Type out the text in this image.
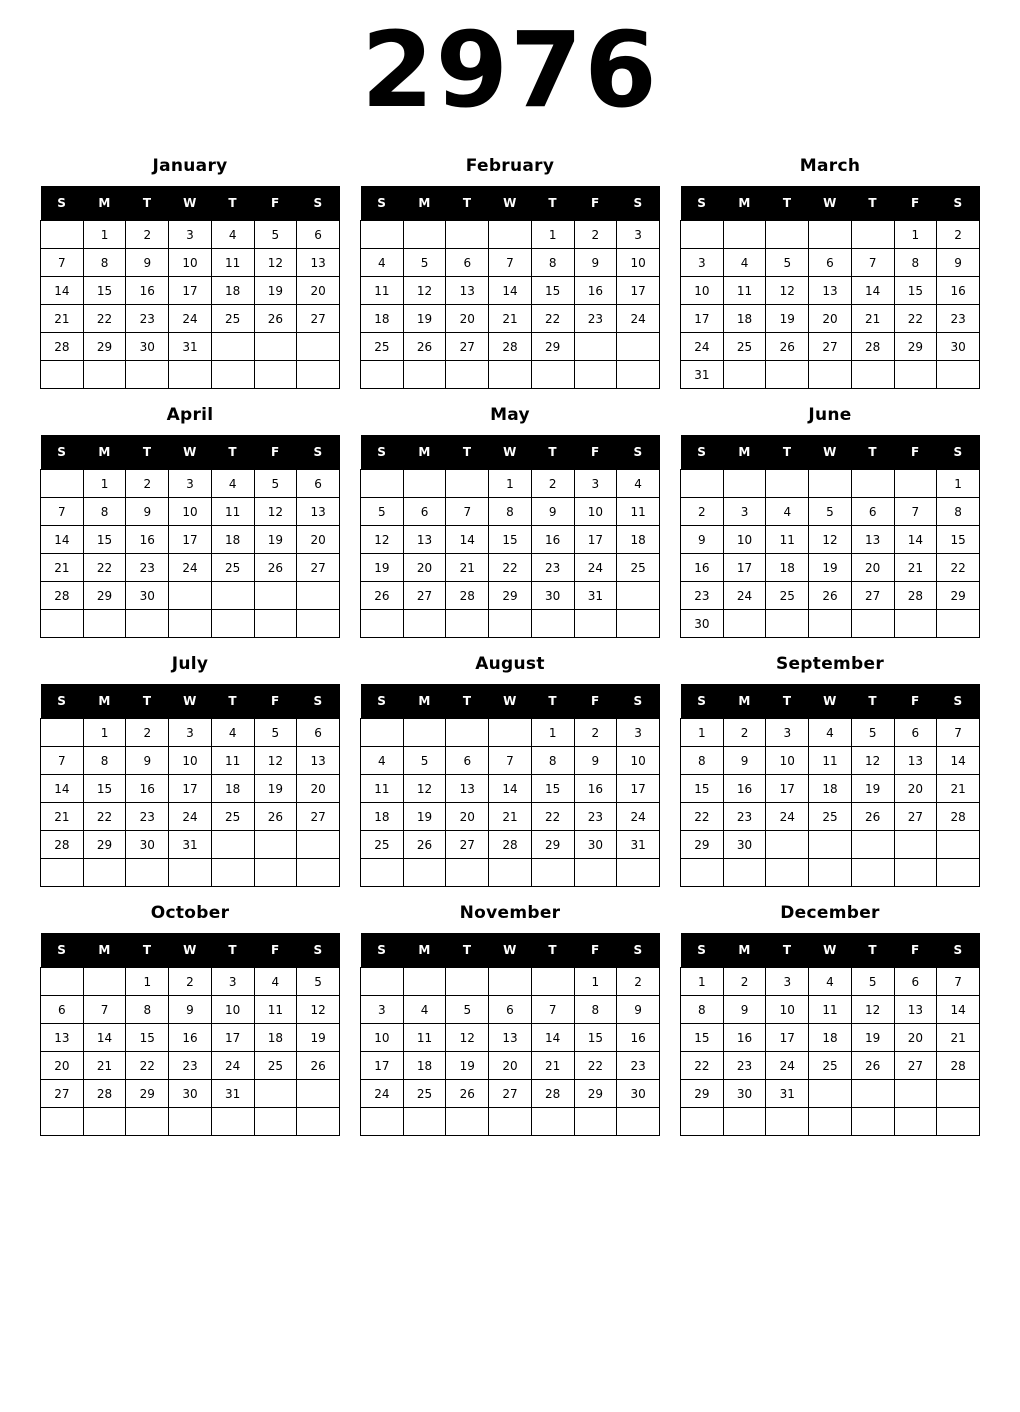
2976
January
S	M	T	W	T	F	S
	1	2	3	4	5	6
7	8	9	10	11	12	13
14	15	16	17	18	19	20
21	22	23	24	25	26	27
28	29	30	31			

February
S	M	T	W	T	F	S
				1	2	3
4	5	6	7	8	9	10
11	12	13	14	15	16	17
18	19	20	21	22	23	24
25	26	27	28	29		

March
S	M	T	W	T	F	S
					1	2
3	4	5	6	7	8	9
10	11	12	13	14	15	16
17	18	19	20	21	22	23
24	25	26	27	28	29	30
31						
April
S	M	T	W	T	F	S
	1	2	3	4	5	6
7	8	9	10	11	12	13
14	15	16	17	18	19	20
21	22	23	24	25	26	27
28	29	30				

May
S	M	T	W	T	F	S
			1	2	3	4
5	6	7	8	9	10	11
12	13	14	15	16	17	18
19	20	21	22	23	24	25
26	27	28	29	30	31	

June
S	M	T	W	T	F	S
						1
2	3	4	5	6	7	8
9	10	11	12	13	14	15
16	17	18	19	20	21	22
23	24	25	26	27	28	29
30						
July
S	M	T	W	T	F	S
	1	2	3	4	5	6
7	8	9	10	11	12	13
14	15	16	17	18	19	20
21	22	23	24	25	26	27
28	29	30	31			

August
S	M	T	W	T	F	S
				1	2	3
4	5	6	7	8	9	10
11	12	13	14	15	16	17
18	19	20	21	22	23	24
25	26	27	28	29	30	31

September
S	M	T	W	T	F	S
1	2	3	4	5	6	7
8	9	10	11	12	13	14
15	16	17	18	19	20	21
22	23	24	25	26	27	28
29	30					

October
S	M	T	W	T	F	S
		1	2	3	4	5
6	7	8	9	10	11	12
13	14	15	16	17	18	19
20	21	22	23	24	25	26
27	28	29	30	31		

November
S	M	T	W	T	F	S
					1	2
3	4	5	6	7	8	9
10	11	12	13	14	15	16
17	18	19	20	21	22	23
24	25	26	27	28	29	30

December
S	M	T	W	T	F	S
1	2	3	4	5	6	7
8	9	10	11	12	13	14
15	16	17	18	19	20	21
22	23	24	25	26	27	28
29	30	31				
